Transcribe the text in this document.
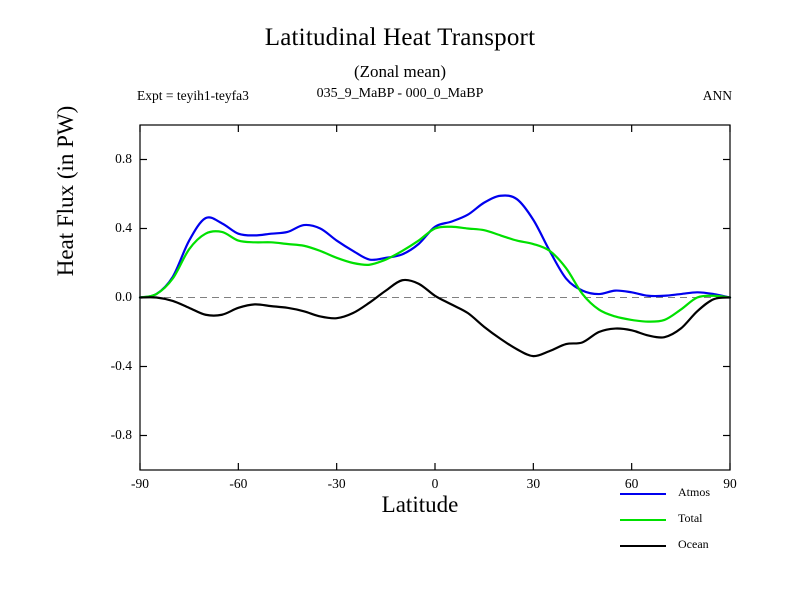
Latitudinal Heat Transport
(Zonal mean)
Expt = teyih1-teyfa3	035_9_MaBP - 000_0_MaBP	ANN
-90	-60	-30	0	30	60	90
-0.8
-0.4
0.0
0.4
0.8
Heat Flux (in PW)
Latitude	Atmos
Total
Ocean
